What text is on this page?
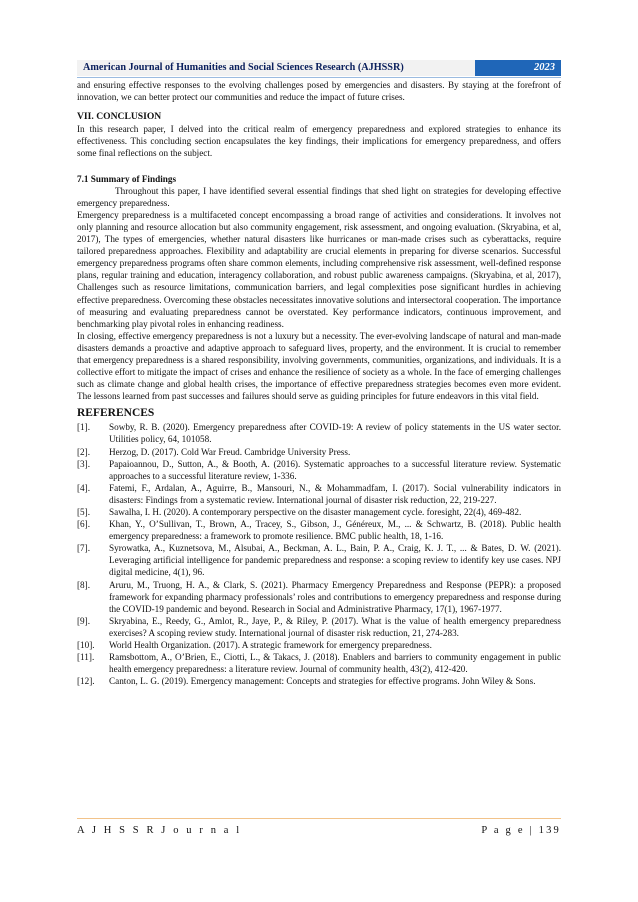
American Journal of Humanities and Social Sciences Research (AJHSSR)	2023

and ensuring effective responses to the evolving challenges posed by emergencies and disasters. By staying at the forefront of innovation, we can better protect our communities and reduce the impact of future crises.

VII. CONCLUSION

In this research paper, I delved into the critical realm of emergency preparedness and explored strategies to enhance its effectiveness. This concluding section encapsulates the key findings, their implications for emergency preparedness, and offers some final reflections on the subject.

7.1 Summary of Findings

Throughout this paper, I have identified several essential findings that shed light on strategies for developing effective emergency preparedness.

Emergency preparedness is a multifaceted concept encompassing a broad range of activities and considerations. It involves not only planning and resource allocation but also community engagement, risk assessment, and ongoing evaluation. (Skryabina, et al, 2017), The types of emergencies, whether natural disasters like hurricanes or man-made crises such as cyberattacks, require tailored preparedness approaches. Flexibility and adaptability are crucial elements in preparing for diverse scenarios. Successful emergency preparedness programs often share common elements, including comprehensive risk assessment, well-defined response plans, regular training and education, interagency collaboration, and robust public awareness campaigns. (Skryabina, et al, 2017), Challenges such as resource limitations, communication barriers, and legal complexities pose significant hurdles in achieving effective preparedness. Overcoming these obstacles necessitates innovative solutions and intersectoral cooperation. The importance of measuring and evaluating preparedness cannot be overstated. Key performance indicators, continuous improvement, and benchmarking play pivotal roles in enhancing readiness.

In closing, effective emergency preparedness is not a luxury but a necessity. The ever-evolving landscape of natural and man-made disasters demands a proactive and adaptive approach to safeguard lives, property, and the environment. It is crucial to remember that emergency preparedness is a shared responsibility, involving governments, communities, organizations, and individuals. It is a collective effort to mitigate the impact of crises and enhance the resilience of society as a whole. In the face of emerging challenges such as climate change and global health crises, the importance of effective preparedness strategies becomes even more evident. The lessons learned from past successes and failures should serve as guiding principles for future endeavors in this vital field.

REFERENCES

[1].	Sowby, R. B. (2020). Emergency preparedness after COVID-19: A review of policy statements in the US water sector. Utilities policy, 64, 101058.
[2].	Herzog, D. (2017). Cold War Freud. Cambridge University Press.
[3].	Papaioannou, D., Sutton, A., & Booth, A. (2016). Systematic approaches to a successful literature review. Systematic approaches to a successful literature review, 1-336.
[4].	Fatemi, F., Ardalan, A., Aguirre, B., Mansouri, N., & Mohammadfam, I. (2017). Social vulnerability indicators in disasters: Findings from a systematic review. International journal of disaster risk reduction, 22, 219-227.
[5].	Sawalha, I. H. (2020). A contemporary perspective on the disaster management cycle. foresight, 22(4), 469-482.
[6].	Khan, Y., O’Sullivan, T., Brown, A., Tracey, S., Gibson, J., Généreux, M., ... & Schwartz, B. (2018). Public health emergency preparedness: a framework to promote resilience. BMC public health, 18, 1-16.
[7].	Syrowatka, A., Kuznetsova, M., Alsubai, A., Beckman, A. L., Bain, P. A., Craig, K. J. T., ... & Bates, D. W. (2021). Leveraging artificial intelligence for pandemic preparedness and response: a scoping review to identify key use cases. NPJ digital medicine, 4(1), 96.
[8].	Aruru, M., Truong, H. A., & Clark, S. (2021). Pharmacy Emergency Preparedness and Response (PEPR): a proposed framework for expanding pharmacy professionals’ roles and contributions to emergency preparedness and response during the COVID-19 pandemic and beyond. Research in Social and Administrative Pharmacy, 17(1), 1967-1977.
[9].	Skryabina, E., Reedy, G., Amlot, R., Jaye, P., & Riley, P. (2017). What is the value of health emergency preparedness exercises? A scoping review study. International journal of disaster risk reduction, 21, 274-283.
[10].	World Health Organization. (2017). A strategic framework for emergency preparedness.
[11].	Ramsbottom, A., O’Brien, E., Ciotti, L., & Takacs, J. (2018). Enablers and barriers to community engagement in public health emergency preparedness: a literature review. Journal of community health, 43(2), 412-420.
[12].	Canton, L. G. (2019). Emergency management: Concepts and strategies for effective programs. John Wiley & Sons.
A J H S S R J o u r n a l	P a g e | 139
